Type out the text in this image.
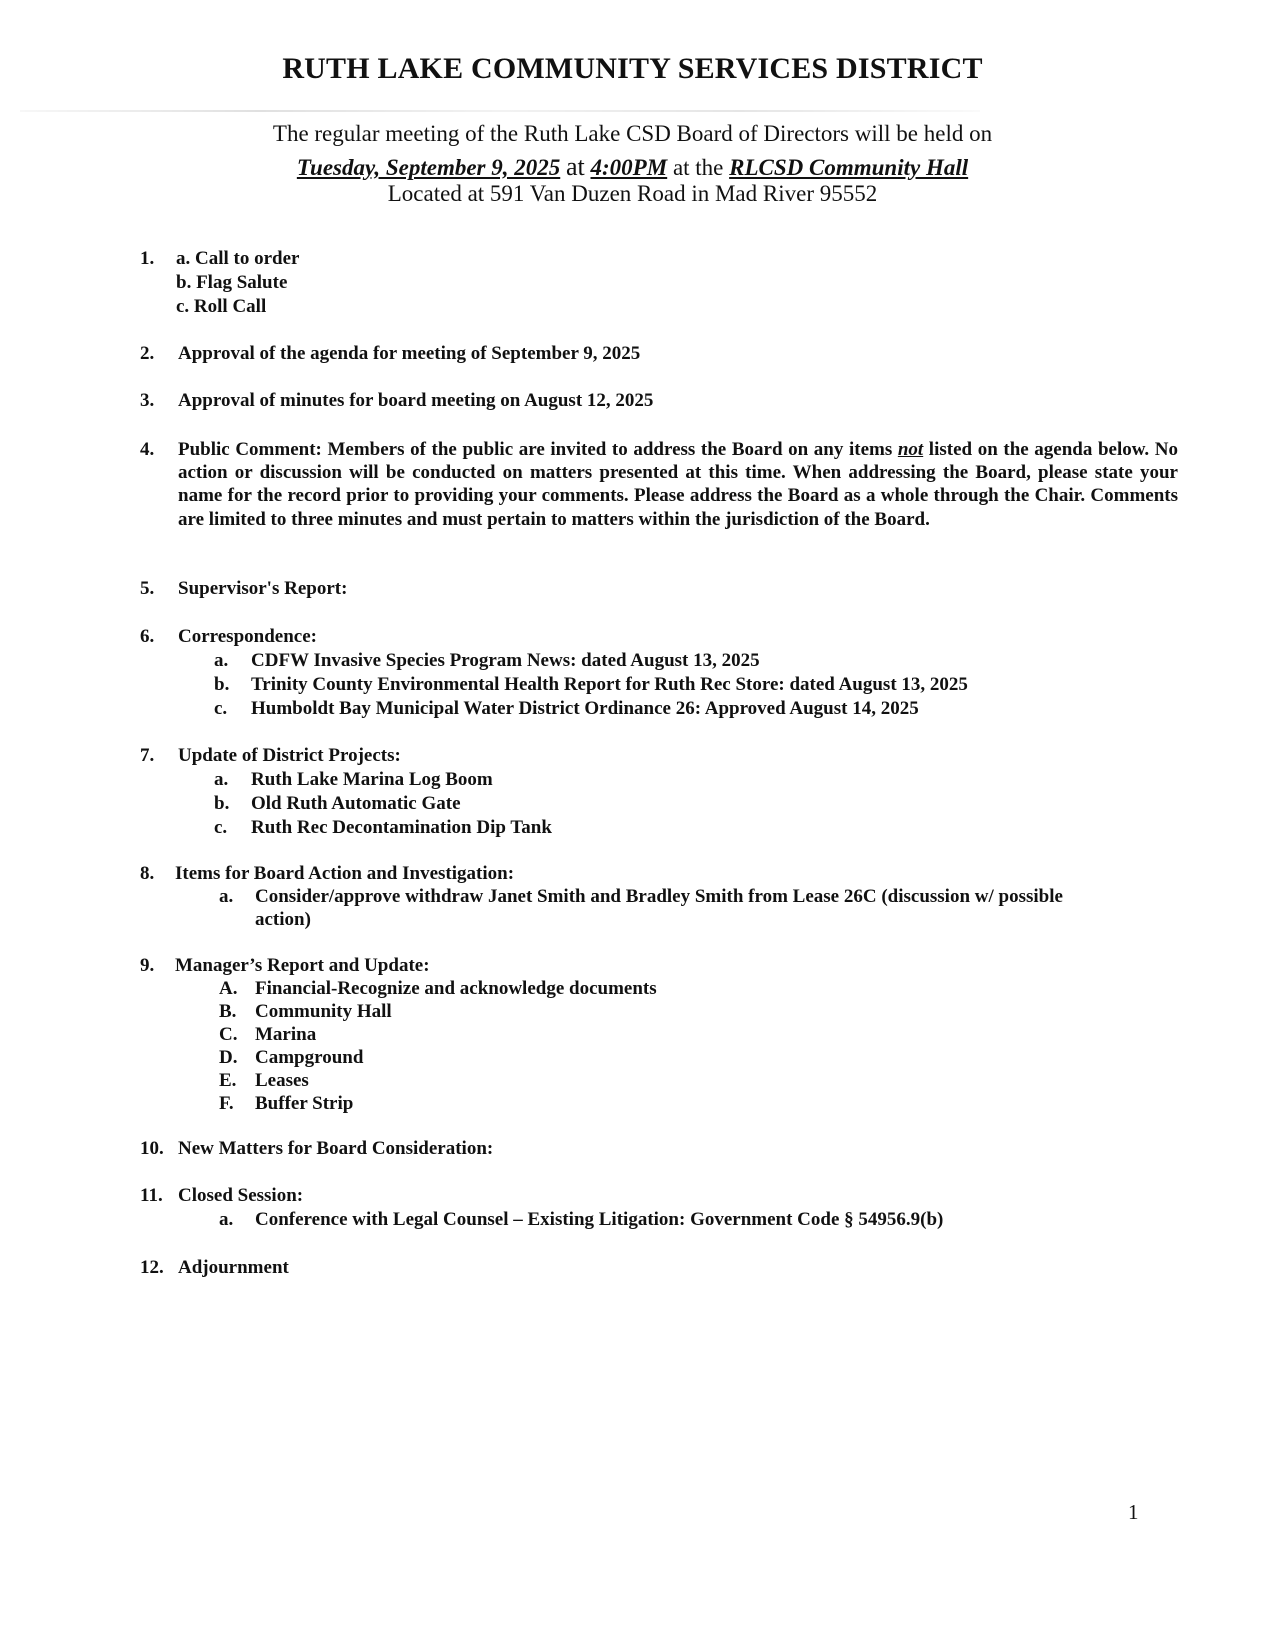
RUTH LAKE COMMUNITY SERVICES DISTRICT
The regular meeting of the Ruth Lake CSD Board of Directors will be held on
Tuesday, September 9, 2025 at 4:00PM at the RLCSD Community Hall
Located at 591 Van Duzen Road in Mad River 95552
1. a. Call to order
b. Flag Salute
c. Roll Call
2. Approval of the agenda for meeting of September 9, 2025
3. Approval of minutes for board meeting on August 12, 2025
4. Public Comment: Members of the public are invited to address the Board on any items not listed on the agenda below. No action or discussion will be conducted on matters presented at this time. When addressing the Board, please state your name for the record prior to providing your comments. Please address the Board as a whole through the Chair. Comments are limited to three minutes and must pertain to matters within the jurisdiction of the Board.
5. Supervisor's Report:
6. Correspondence:
a. CDFW Invasive Species Program News: dated August 13, 2025
b. Trinity County Environmental Health Report for Ruth Rec Store: dated August 13, 2025
c. Humboldt Bay Municipal Water District Ordinance 26: Approved August 14, 2025
7. Update of District Projects:
a. Ruth Lake Marina Log Boom
b. Old Ruth Automatic Gate
c. Ruth Rec Decontamination Dip Tank
8. Items for Board Action and Investigation:
a. Consider/approve withdraw Janet Smith and Bradley Smith from Lease 26C (discussion w/ possible
action)
9. Manager’s Report and Update:
A. Financial-Recognize and acknowledge documents
B. Community Hall
C. Marina
D. Campground
E. Leases
F. Buffer Strip
10. New Matters for Board Consideration:
11. Closed Session:
a. Conference with Legal Counsel – Existing Litigation: Government Code § 54956.9(b)
12. Adjournment
1
